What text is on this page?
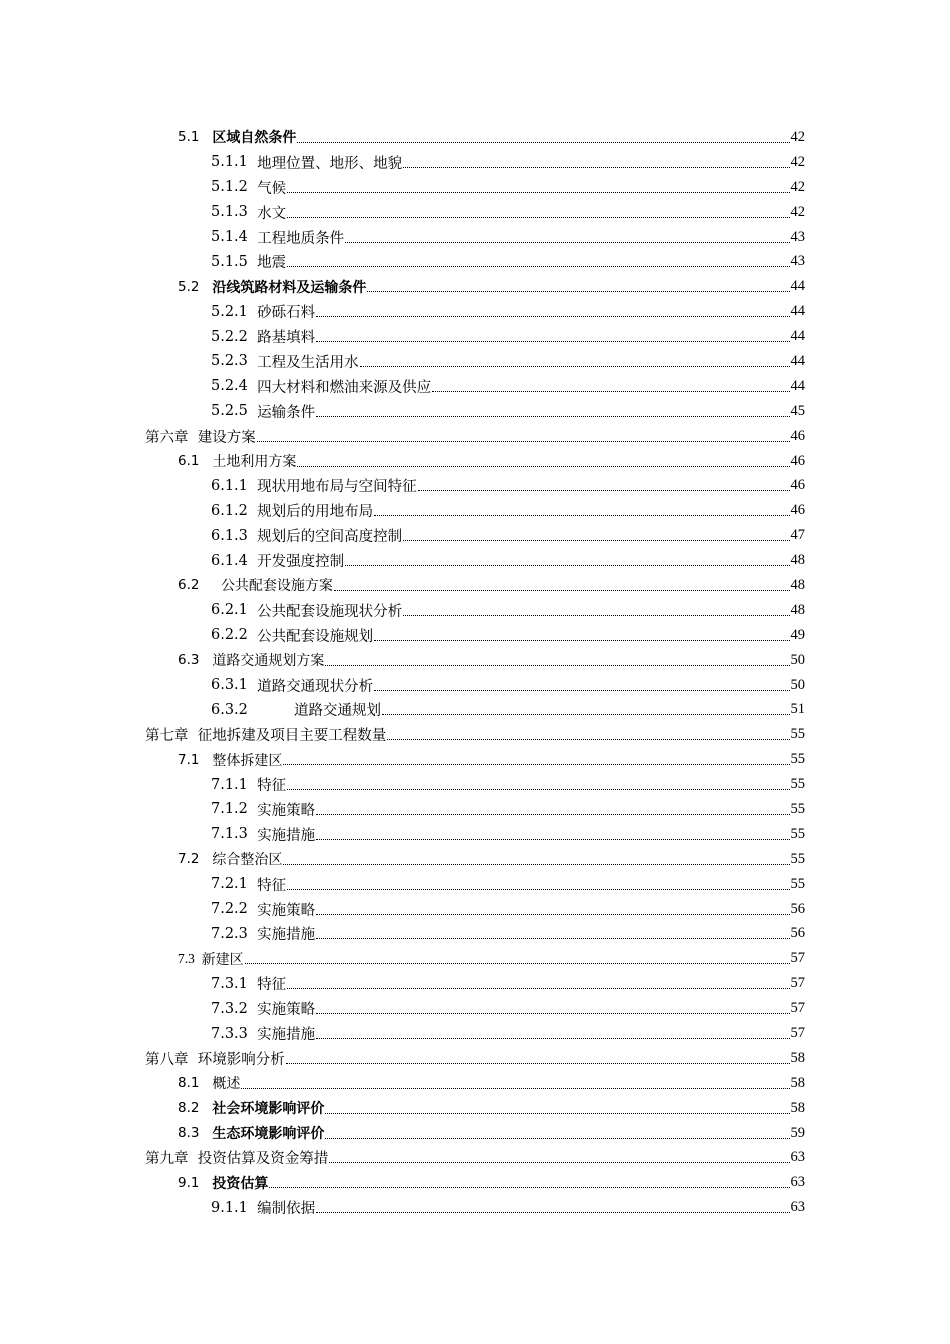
5.1 区域自然条件	42
5.1.1 地理位置、地形、地貌	42
5.1.2 气候	42
5.1.3 水文	42
5.1.4 工程地质条件	43
5.1.5 地震	43
5.2 沿线筑路材料及运输条件	44
5.2.1 砂砾石料	44
5.2.2 路基填料	44
5.2.3 工程及生活用水	44
5.2.4 四大材料和燃油来源及供应	44
5.2.5 运输条件	45
第六章 建设方案	46
6.1 土地利用方案	46
6.1.1 现状用地布局与空间特征	46
6.1.2 规划后的用地布局	46
6.1.3 规划后的空间高度控制	47
6.1.4 开发强度控制	48
6.2 公共配套设施方案	48
6.2.1 公共配套设施现状分析	48
6.2.2 公共配套设施规划	49
6.3 道路交通规划方案	50
6.3.1 道路交通现状分析	50
6.3.2 道路交通规划	51
第七章 征地拆建及项目主要工程数量	55
7.1 整体拆建区	55
7.1.1 特征	55
7.1.2 实施策略	55
7.1.3 实施措施	55
7.2 综合整治区	55
7.2.1 特征	55
7.2.2 实施策略	56
7.2.3 实施措施	56
7.3 新建区	57
7.3.1 特征	57
7.3.2 实施策略	57
7.3.3 实施措施	57
第八章 环境影响分析	58
8.1 概述	58
8.2 社会环境影响评价	58
8.3 生态环境影响评价	59
第九章 投资估算及资金筹措	63
9.1 投资估算	63
9.1.1 编制依据	63
